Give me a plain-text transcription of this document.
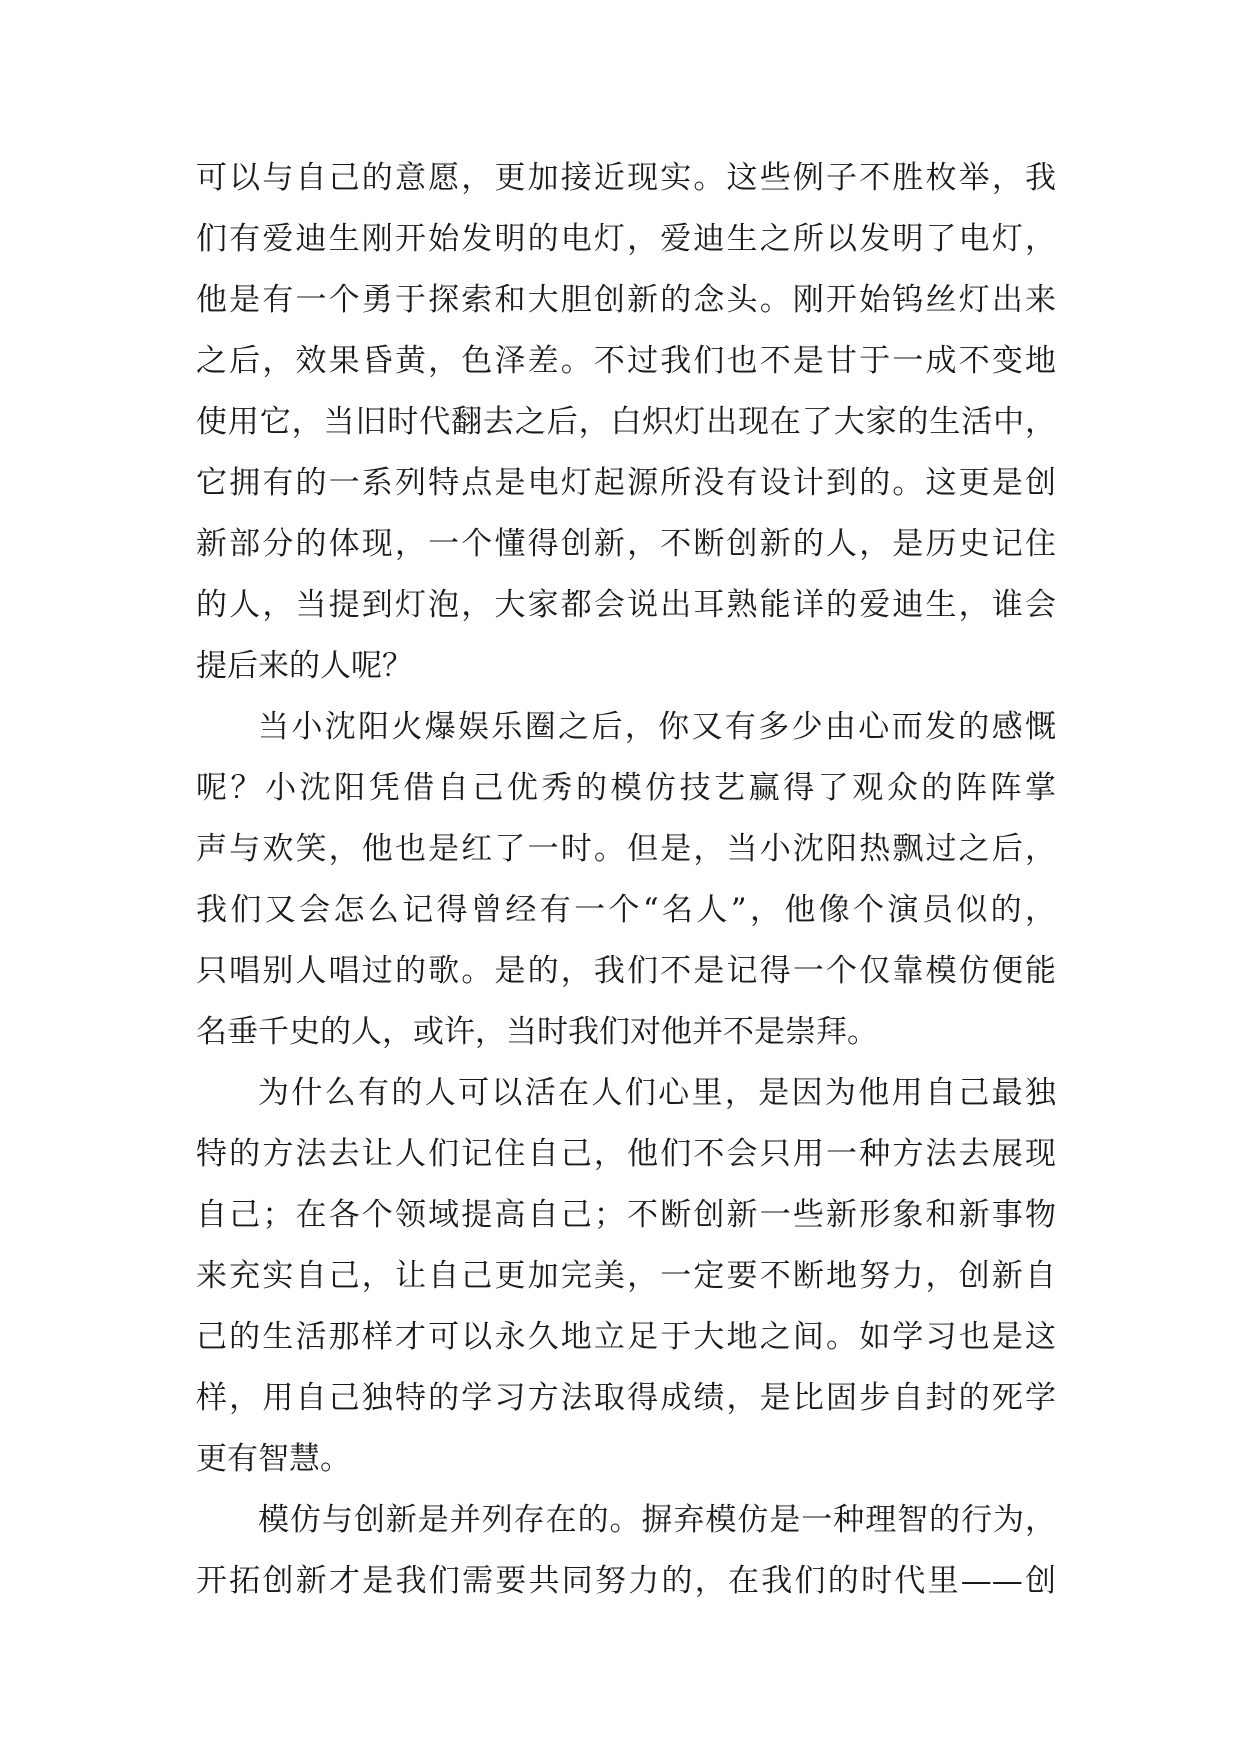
可以与自己的意愿，更加接近现实。这些例子不胜枚举，我
们有爱迪生刚开始发明的电灯，爱迪生之所以发明了电灯，
他是有一个勇于探索和大胆创新的念头。刚开始钨丝灯出来
之后，效果昏黄，色泽差。不过我们也不是甘于一成不变地
使用它，当旧时代翻去之后，白炽灯出现在了大家的生活中，
它拥有的一系列特点是电灯起源所没有设计到的。这更是创
新部分的体现，一个懂得创新，不断创新的人，是历史记住
的人，当提到灯泡，大家都会说出耳熟能详的爱迪生，谁会
提后来的人呢？
当小沈阳火爆娱乐圈之后，你又有多少由心而发的感慨
呢？小沈阳凭借自己优秀的模仿技艺赢得了观众的阵阵掌
声与欢笑，他也是红了一时。但是，当小沈阳热飘过之后，
我们又会怎么记得曾经有一个“名人”，他像个演员似的，
只唱别人唱过的歌。是的，我们不是记得一个仅靠模仿便能
名垂千史的人，或许，当时我们对他并不是崇拜。
为什么有的人可以活在人们心里，是因为他用自己最独
特的方法去让人们记住自己，他们不会只用一种方法去展现
自己；在各个领域提高自己；不断创新一些新形象和新事物
来充实自己，让自己更加完美，一定要不断地努力，创新自
己的生活那样才可以永久地立足于大地之间。如学习也是这
样，用自己独特的学习方法取得成绩，是比固步自封的死学
更有智慧。
模仿与创新是并列存在的。摒弃模仿是一种理智的行为，
开拓创新才是我们需要共同努力的，在我们的时代里——创
